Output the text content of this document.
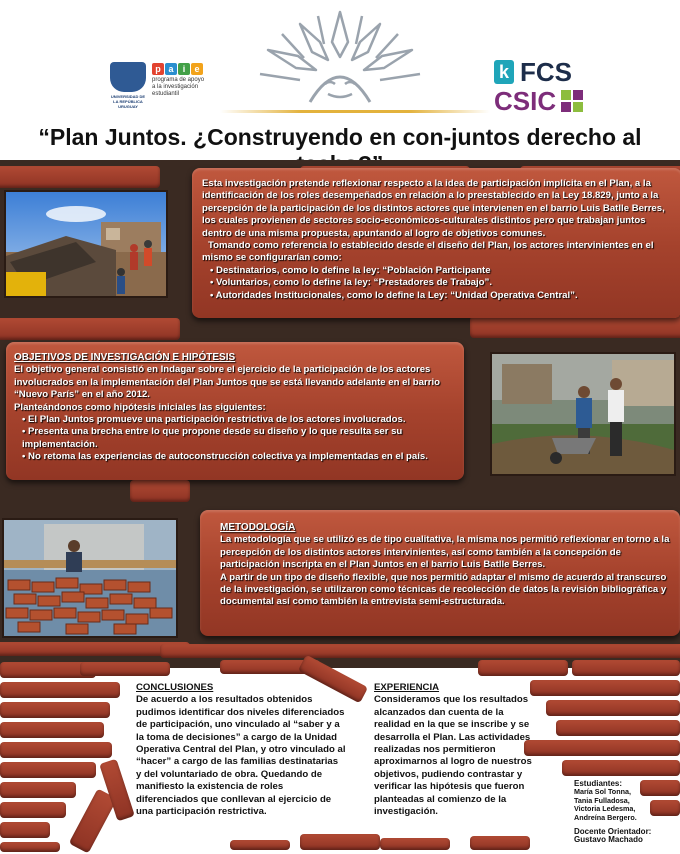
UNIVERSIDAD DE LA REPÚBLICA URUGUAY
p a	i	e
programa de apoyo a la investigación estudiantil
k FCS
CSIC
“Plan Juntos. ¿Construyendo en con-juntos derecho al

Esta investigación pretende reflexionar respecto a la idea de participación implícita en el Plan, a la identificación de los roles desempeñados en relación a lo preestablecido en la Ley 18.829, junto a la percepción de la participación de los distintos actores que intervienen en el barrio Luis Batlle Berres, los cuales provienen de sectores socio-económicos-culturales distintos pero que trabajan juntos dentro de una misma propuesta, apuntando al logro de objetivos comunes.

Tomando como referencia lo establecido desde el diseño del Plan, los actores intervinientes en el mismo se configurarían como:

• Destinatarios, como lo define la ley: “Población Participante
• Voluntarios, como lo define la ley: “Prestadores de Trabajo”.
• Autoridades Institucionales, como lo define la Ley: “Unidad Operativa Central”.

OBJETIVOS DE INVESTIGACIÓN E HIPÓTESIS

El objetivo general consistió en Indagar sobre el ejercicio de la participación de los actores involucrados en la implementación del Plan Juntos que se está llevando adelante en el barrio “Nuevo París” en el año 2012.

Planteándonos como hipótesis iniciales las siguientes:

• El Plan Juntos promueve una participación restrictiva de los actores involucrados.
• Presenta una brecha entre lo que propone desde su diseño y lo que resulta ser su implementación.
• No retoma las experiencias de autoconstrucción colectiva ya implementadas en el país.

METODOLOGÍA

La metodología que se utilizó es de tipo cualitativa, la misma nos permitió reflexionar en torno a la percepción de los distintos actores intervinientes, así como también a la concepción de participación inscripta en el Plan Juntos en el barrio Luis Batlle Berres.

A partir de un tipo de diseño flexible, que nos permitió adaptar el mismo de acuerdo al transcurso de la investigación, se utilizaron como técnicas de recolección de datos la revisión bibliográfica y documental así como también la entrevista semi-estructurada.

CONCLUSIONES

De acuerdo a los resultados obtenidos pudimos identificar dos niveles diferenciados de participación, uno vinculado al “saber y a la toma de decisiones” a cargo de la Unidad Operativa Central del Plan, y otro vinculado al “hacer” a cargo de las familias destinatarias y del voluntariado de obra. Quedando de manifiesto la existencia de roles diferenciados que conllevan al ejercicio de una participación restrictiva.

EXPERIENCIA

Consideramos que los resultados alcanzados dan cuenta de la realidad en la que se inscribe y se desarrolla el Plan. Las actividades realizadas nos permitieron aproximarnos al logro de nuestros objetivos, pudiendo contrastar y verificar las hipótesis que fueron planteadas al comienzo de la investigación.

Estudiantes:

María Sol Tonna,

Tania Fulladosa,

Victoria Ledesma,

Andreína Bergero.

Docente Orientador:

Gustavo Machado
